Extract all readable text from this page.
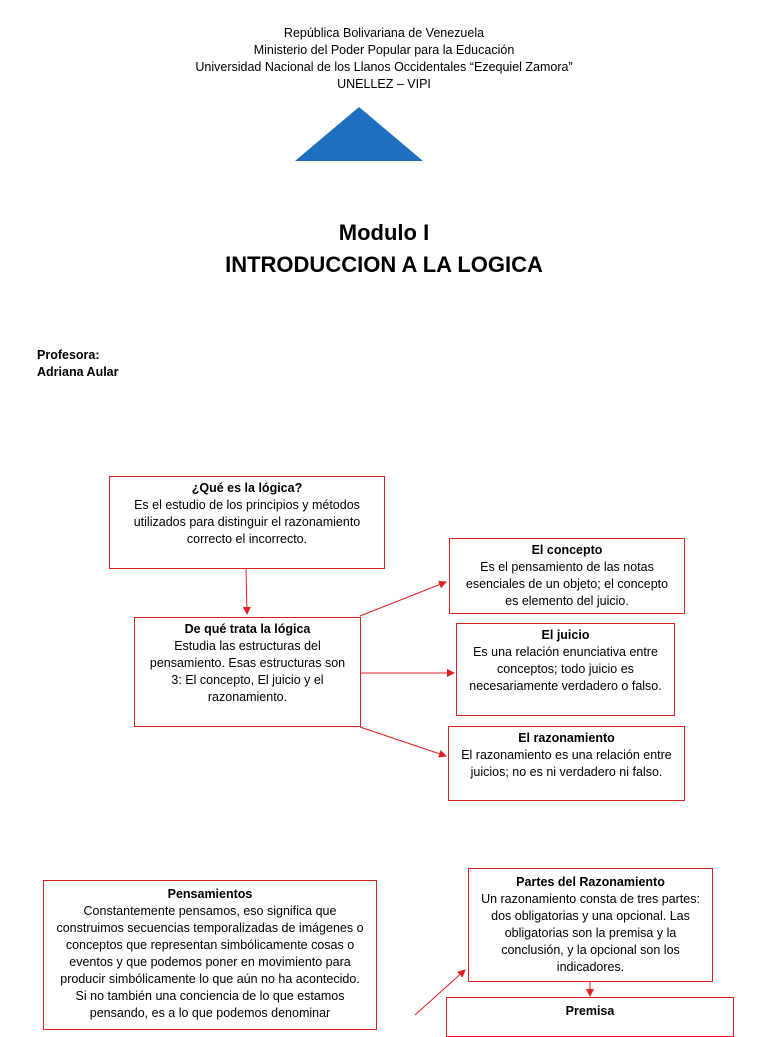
República Bolivariana de Venezuela
Ministerio del Poder Popular para la Educación
Universidad Nacional de los Llanos Occidentales “Ezequiel Zamora”
UNELLEZ – VIPI
Modulo I
INTRODUCCION A LA LOGICA
Profesora:
Adriana Aular
¿Qué es la lógica?
Es el estudio de los principios y métodos
utilizados para distinguir el razonamiento
correcto el incorrecto.
De qué trata la lógica
Estudia las estructuras del
pensamiento. Esas estructuras son
3: El concepto, El juicio y el
razonamiento.
El concepto
Es el pensamiento de las notas
esenciales de un objeto; el concepto
es elemento del juicio.
El juicio
Es una relación enunciativa entre
conceptos; todo juicio es
necesariamente verdadero o falso.
El razonamiento
El razonamiento es una relación entre
juicios; no es ni verdadero ni falso.
Pensamientos
Constantemente pensamos, eso significa que
construimos secuencias temporalizadas de imágenes o
conceptos que representan simbólicamente cosas o
eventos y que podemos poner en movimiento para
producir simbólicamente lo que aún no ha acontecido.
Si no también una conciencia de lo que estamos
pensando, es a lo que podemos denominar
Partes del Razonamiento
Un razonamiento consta de tres partes:
dos obligatorias y una opcional. Las
obligatorias son la premisa y la
conclusión, y la opcional son los
indicadores.
Premisa
